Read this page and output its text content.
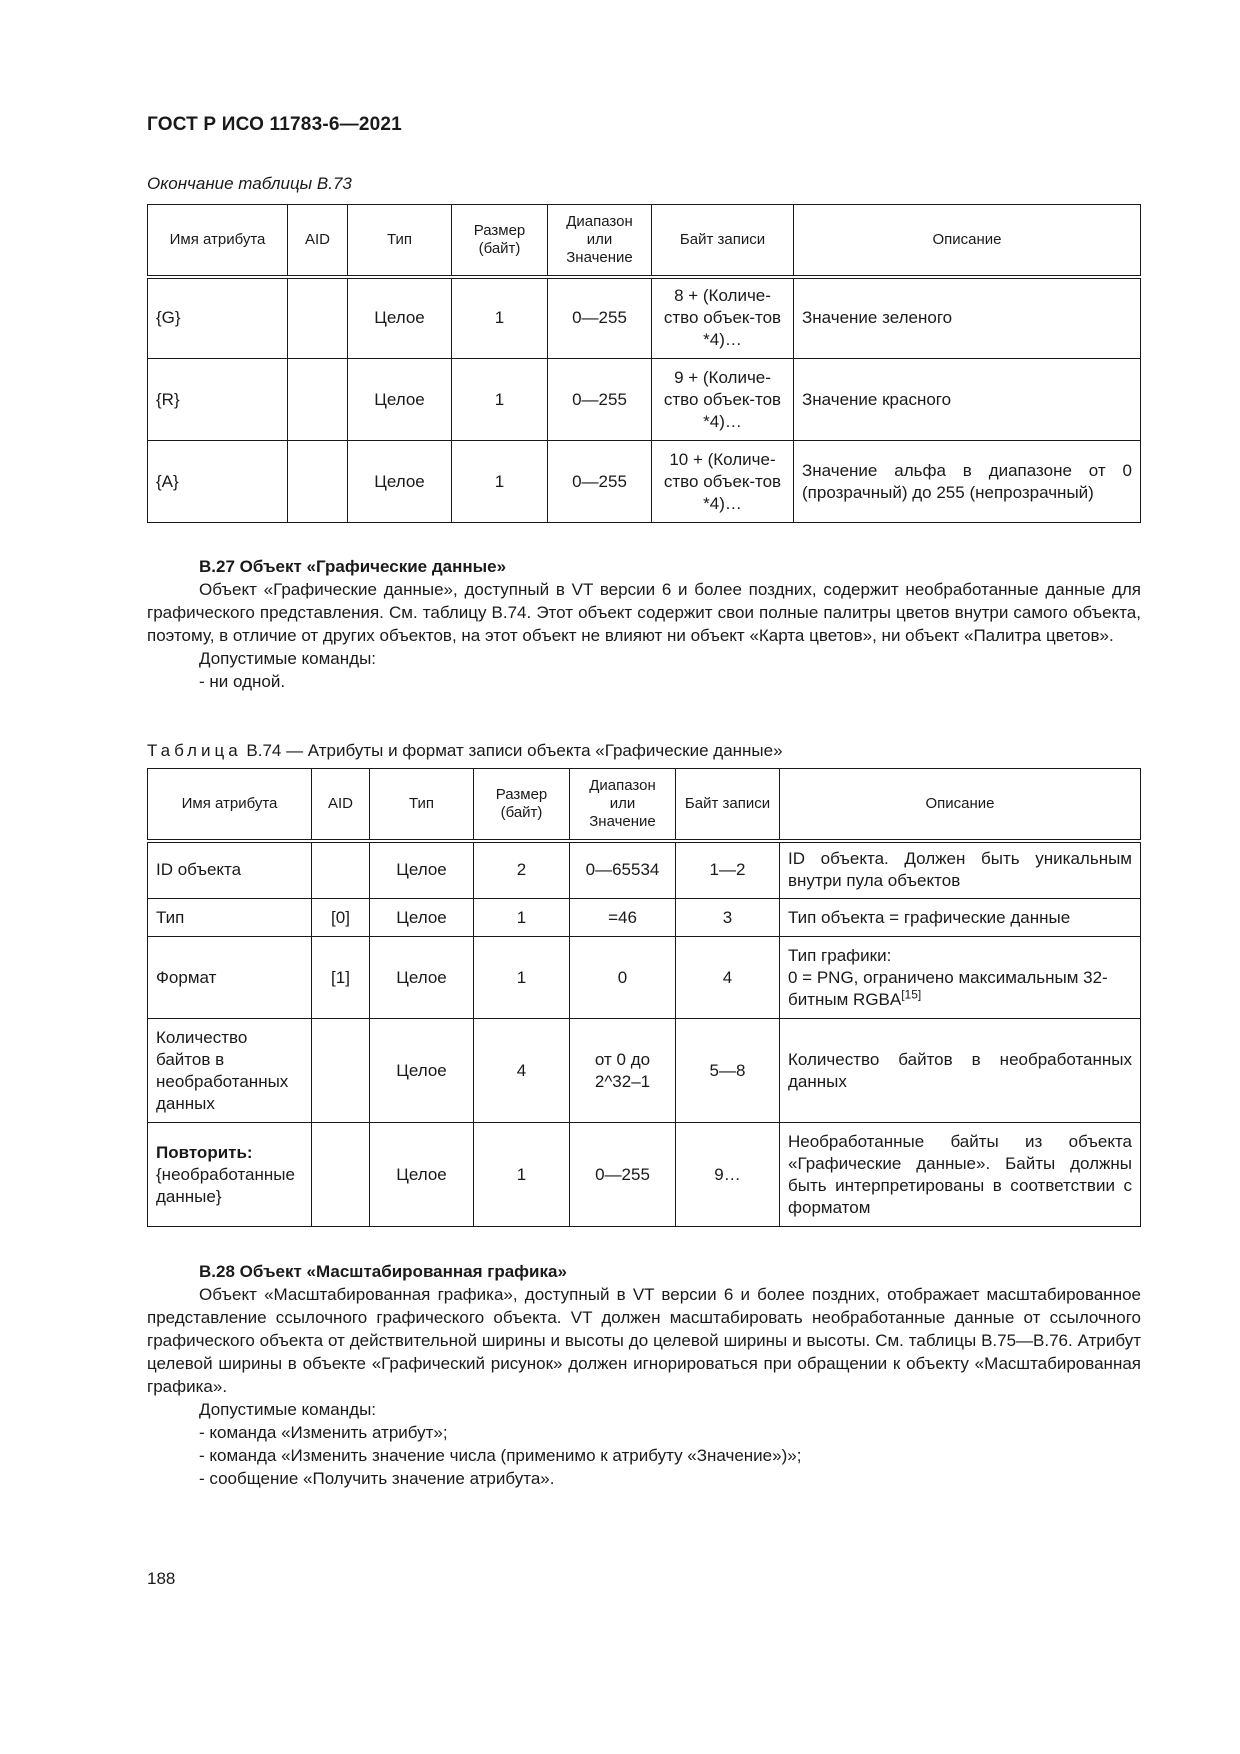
ГОСТ Р ИСО 11783-6—2021
Окончание таблицы В.73
Имя атрибута	AID	Тип	Размер (байт)	Диапазон или Значение	Байт записи	Описание
{G}		Целое	1	0—255	8 + (Количе-ство объек-тов *4)…	Значение зеленого
{R}		Целое	1	0—255	9 + (Количе-ство объек-тов *4)…	Значение красного
{A}		Целое	1	0—255	10 + (Количе-ство объек-тов *4)…	Значение альфа в диапазоне от 0 (прозрачный) до 255 (непрозрачный)
В.27 Объект «Графические данные»

Объект «Графические данные», доступный в VT версии 6 и более поздних, содержит необработанные данные для графического представления. См. таблицу В.74. Этот объект содержит свои полные палитры цветов внутри самого объекта, поэтому, в отличие от других объектов, на этот объект не влияют ни объект «Карта цветов», ни объект «Палитра цветов».

Допустимые команды:
- ни одной.
Таблица В.74 — Атрибуты и формат записи объекта «Графические данные»
Имя атрибута	AID	Тип	Размер (байт)	Диапазон или Значение	Байт записи	Описание
ID объекта		Целое	2	0—65534	1—2	ID объекта. Должен быть уникальным внутри пула объектов
Тип	[0]	Целое	1	=46	3	Тип объекта = графические данные
Формат	[1]	Целое	1	0	4	Тип графики:
0 = PNG, ограничено максимальным 32-битным RGBA[15]

Количество байтов в необработанных данных		Целое	4	от 0 до 2^32–1	5—8	Количество байтов в необработанных данных

Повторить:
{необработанные данные}		Целое	1	0—255	9…	Необработанные байты из объекта «Графические данные». Байты должны быть интерпретированы в соответствии с форматом
В.28 Объект «Масштабированная графика»

Объект «Масштабированная графика», доступный в VT версии 6 и более поздних, отображает масштабированное представление ссылочного графического объекта. VT должен масштабировать необработанные данные от ссылочного графического объекта от действительной ширины и высоты до целевой ширины и высоты. См. таблицы В.75—В.76. Атрибут целевой ширины в объекте «Графический рисунок» должен игнорироваться при обращении к объекту «Масштабированная графика».

Допустимые команды:
- команда «Изменить атрибут»;
- команда «Изменить значение числа (применимо к атрибуту «Значение»)»;
- сообщение «Получить значение атрибута».
188
